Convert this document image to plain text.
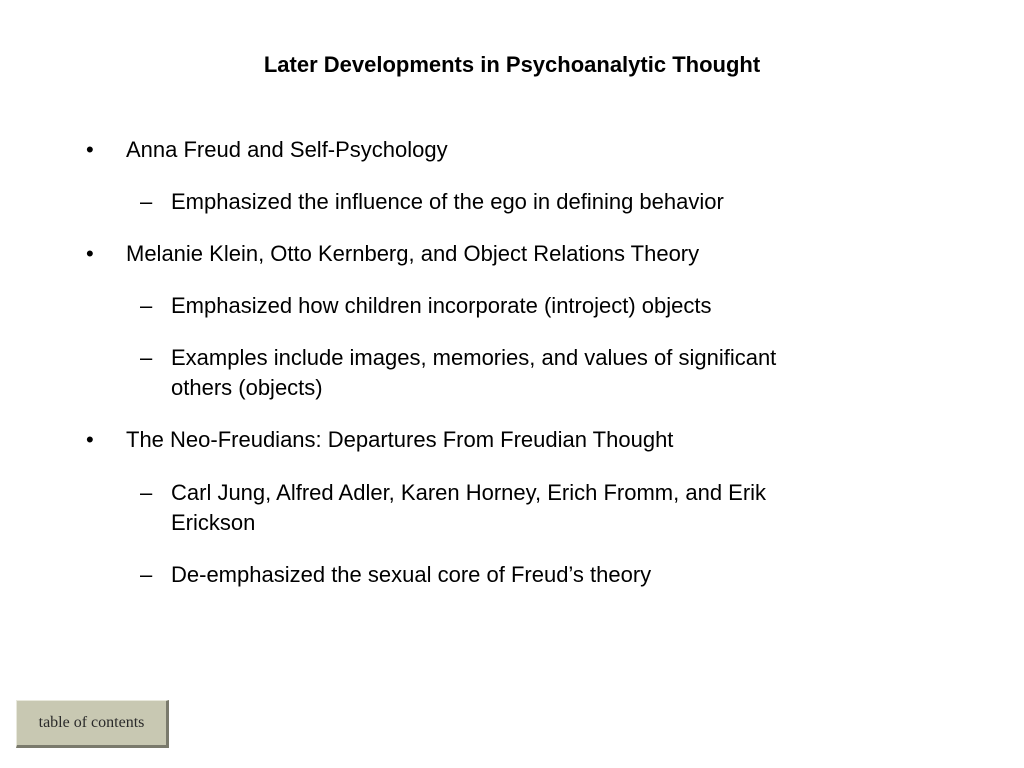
Later Developments in Psychoanalytic Thought
• Anna Freud and Self-Psychology
– Emphasized the influence of the ego in defining behavior
• Melanie Klein, Otto Kernberg, and Object Relations Theory
– Emphasized how children incorporate (introject) objects
– Examples include images, memories, and values of significant
others (objects)
• The Neo-Freudians: Departures From Freudian Thought
– Carl Jung, Alfred Adler, Karen Horney, Erich Fromm, and Erik
Erickson
– De-emphasized the sexual core of Freud’s theory
table of contents
